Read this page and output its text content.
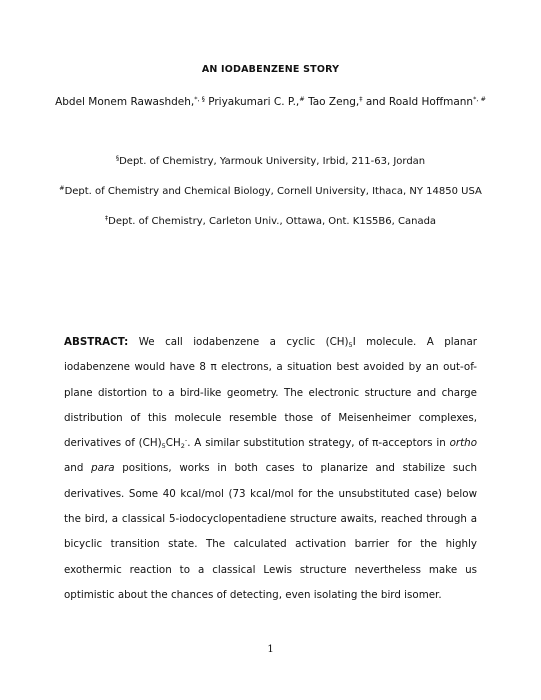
AN IODABENZENE STORY
Abdel Monem Rawashdeh,*, § Priyakumari C. P.,# Tao Zeng,‡ and Roald Hoffmann*, #
§Dept. of Chemistry, Yarmouk University, Irbid, 211-63, Jordan
#Dept. of Chemistry and Chemical Biology, Cornell University, Ithaca, NY 14850 USA
‡Dept. of Chemistry, Carleton Univ., Ottawa, Ont. K1S5B6, Canada

ABSTRACT: We call iodabenzene a cyclic $(CH)_5I$ molecule. A planar iodabenzene would have 8 π electrons, a situation best avoided by an out-of-plane distortion to a bird-like geometry. The electronic structure and charge distribution of this molecule resemble those of Meisenheimer complexes, derivatives of $(CH)_5CH_2^-$. A similar substitution strategy, of π-acceptors in ortho and para positions, works in both cases to planarize and stabilize such derivatives. Some 40 kcal/mol (73 kcal/mol for the unsubstituted case) below the bird, a classical 5-iodocyclopentadiene structure awaits, reached through a bicyclic transition state. The calculated activation barrier for the highly exothermic reaction to a classical Lewis structure nevertheless make us optimistic about the chances of detecting, even isolating the bird isomer.

1
